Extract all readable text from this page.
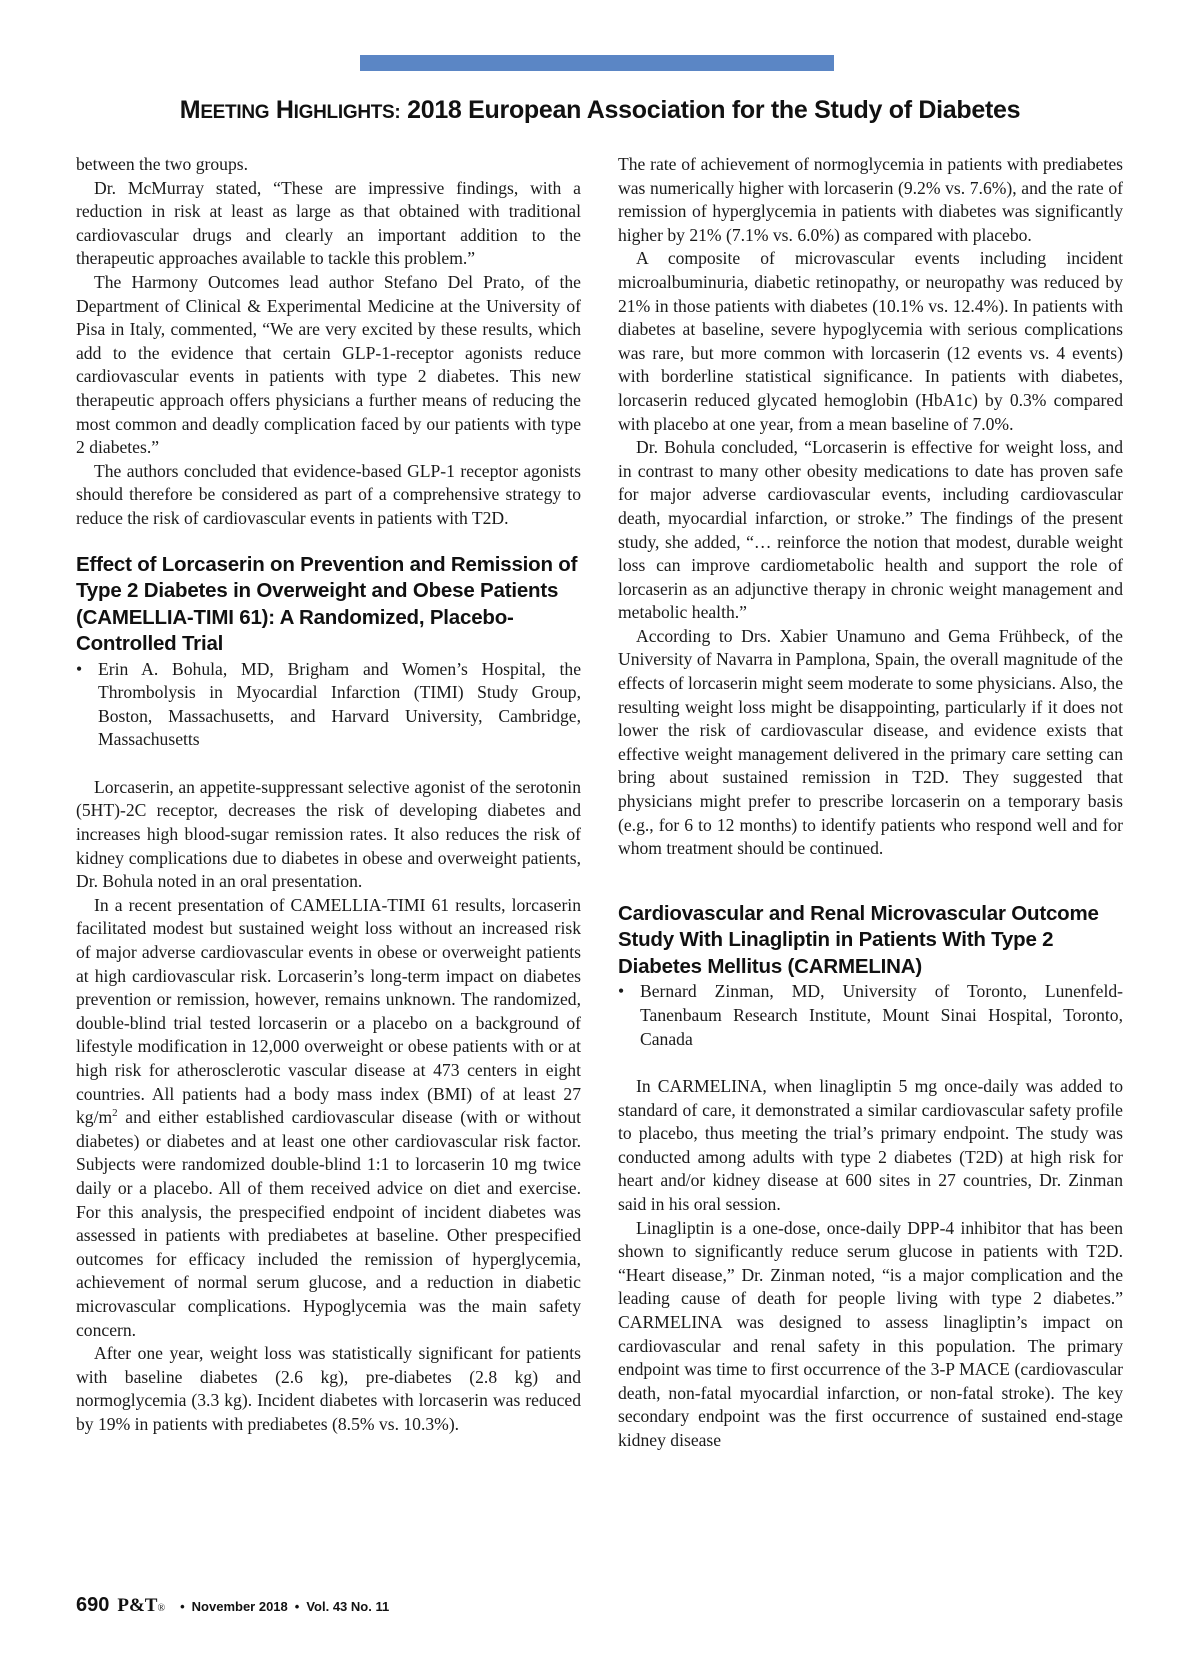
MEETING HIGHLIGHTS: 2018 European Association for the Study of Diabetes

between the two groups.

Dr. McMurray stated, “These are impressive findings, with a reduction in risk at least as large as that obtained with traditional cardiovascular drugs and clearly an important addition to the therapeutic approaches available to tackle this problem.”

The Harmony Outcomes lead author Stefano Del Prato, of the Department of Clinical & Experimental Medicine at the University of Pisa in Italy, commented, “We are very excited by these results, which add to the evidence that certain GLP-1-receptor agonists reduce cardiovascular events in patients with type 2 diabetes. This new therapeutic approach offers physicians a further means of reducing the most common and deadly complication faced by our patients with type 2 diabetes.”

The authors concluded that evidence-based GLP-1 receptor agonists should therefore be considered as part of a comprehensive strategy to reduce the risk of cardiovascular events in patients with T2D.

Effect of Lorcaserin on Prevention and Remission of Type 2 Diabetes in Overweight and Obese Patients (CAMELLIA-TIMI 61): A Randomized, Placebo-Controlled Trial
• Erin A. Bohula, MD, Brigham and Women’s Hospital, the Thrombolysis in Myocardial Infarction (TIMI) Study Group, Boston, Massachusetts, and Harvard University, Cambridge, Massachusetts

Lorcaserin, an appetite-suppressant selective agonist of the serotonin (5HT)-2C receptor, decreases the risk of developing diabetes and increases high blood-sugar remission rates. It also reduces the risk of kidney complications due to diabetes in obese and overweight patients, Dr. Bohula noted in an oral presentation.

In a recent presentation of CAMELLIA-TIMI 61 results, lorcaserin facilitated modest but sustained weight loss without an increased risk of major adverse cardiovascular events in obese or overweight patients at high cardiovascular risk. Lorcaserin’s long-term impact on diabetes prevention or remission, however, remains unknown. The randomized, double-blind trial tested lorcaserin or a placebo on a background of lifestyle modification in 12,000 overweight or obese patients with or at high risk for atherosclerotic vascular disease at 473 centers in eight countries. All patients had a body mass index (BMI) of at least 27 $kg/m^2$ and either established cardiovascular disease (with or without diabetes) or diabetes and at least one other cardiovascular risk factor. Subjects were randomized double-blind 1:1 to lorcaserin 10 mg twice daily or a placebo. All of them received advice on diet and exercise. For this analysis, the prespecified endpoint of incident diabetes was assessed in patients with prediabetes at baseline. Other prespecified outcomes for efficacy included the remission of hyperglycemia, achievement of normal serum glucose, and a reduction in diabetic microvascular complications. Hypoglycemia was the main safety concern.

After one year, weight loss was statistically significant for patients with baseline diabetes (2.6 kg), pre-diabetes (2.8 kg) and normoglycemia (3.3 kg). Incident diabetes with lorcaserin was reduced by 19% in patients with prediabetes (8.5% vs. 10.3%).

The rate of achievement of normoglycemia in patients with prediabetes was numerically higher with lorcaserin (9.2% vs. 7.6%), and the rate of remission of hyperglycemia in patients with diabetes was significantly higher by 21% (7.1% vs. 6.0%) as compared with placebo.

A composite of microvascular events including incident microalbuminuria, diabetic retinopathy, or neuropathy was reduced by 21% in those patients with diabetes (10.1% vs. 12.4%). In patients with diabetes at baseline, severe hypoglycemia with serious complications was rare, but more common with lorcaserin (12 events vs. 4 events) with borderline statistical significance. In patients with diabetes, lorcaserin reduced glycated hemoglobin (HbA1c) by 0.3% compared with placebo at one year, from a mean baseline of 7.0%.

Dr. Bohula concluded, “Lorcaserin is effective for weight loss, and in contrast to many other obesity medications to date has proven safe for major adverse cardiovascular events, including cardiovascular death, myocardial infarction, or stroke.” The findings of the present study, she added, “… reinforce the notion that modest, durable weight loss can improve cardiometabolic health and support the role of lorcaserin as an adjunctive therapy in chronic weight management and metabolic health.”

According to Drs. Xabier Unamuno and Gema Frühbeck, of the University of Navarra in Pamplona, Spain, the overall magnitude of the effects of lorcaserin might seem moderate to some physicians. Also, the resulting weight loss might be disappointing, particularly if it does not lower the risk of cardiovascular disease, and evidence exists that effective weight management delivered in the primary care setting can bring about sustained remission in T2D. They suggested that physicians might prefer to prescribe lorcaserin on a temporary basis (e.g., for 6 to 12 months) to identify patients who respond well and for whom treatment should be continued.

Cardiovascular and Renal Microvascular Outcome Study With Linagliptin in Patients With Type 2 Diabetes Mellitus (CARMELINA)
• Bernard Zinman, MD, University of Toronto, Lunenfeld-Tanenbaum Research Institute, Mount Sinai Hospital, Toronto, Canada

In CARMELINA, when linagliptin 5 mg once-daily was added to standard of care, it demonstrated a similar cardiovascular safety profile to placebo, thus meeting the trial’s primary endpoint. The study was conducted among adults with type 2 diabetes (T2D) at high risk for heart and/or kidney disease at 600 sites in 27 countries, Dr. Zinman said in his oral session.

Linagliptin is a one-dose, once-daily DPP-4 inhibitor that has been shown to significantly reduce serum glucose in patients with T2D. “Heart disease,” Dr. Zinman noted, “is a major complication and the leading cause of death for people living with type 2 diabetes.” CARMELINA was designed to assess linagliptin’s impact on cardiovascular and renal safety in this population. The primary endpoint was time to first occurrence of the 3-P MACE (cardiovascular death, non-fatal myocardial infarction, or non-fatal stroke). The key secondary endpoint was the first occurrence of sustained end-stage kidney disease

690 P&T® • November 2018 • Vol. 43 No. 11
